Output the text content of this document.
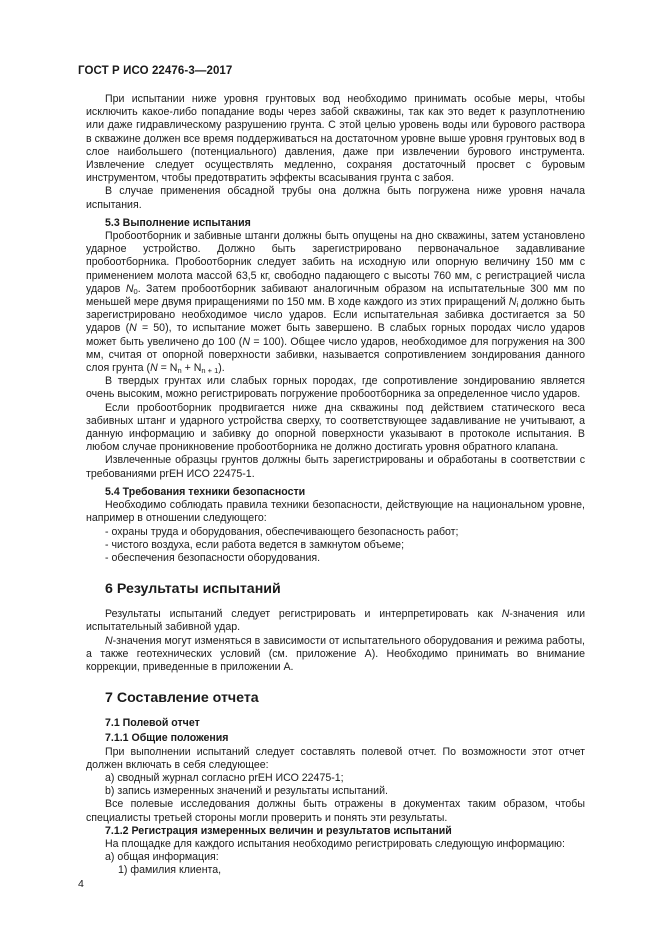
ГОСТ Р ИСО 22476-3—2017

При испытании ниже уровня грунтовых вод необходимо принимать особые меры, чтобы исключить какое-либо попадание воды через забой скважины, так как это ведет к разуплотнению или даже гидравлическому разрушению грунта. С этой целью уровень воды или бурового раствора в скважине должен все время поддерживаться на достаточном уровне выше уровня грунтовых вод в слое наибольшего (потенциального) давления, даже при извлечении бурового инструмента. Извлечение следует осуществлять медленно, сохраняя достаточный просвет с буровым инструментом, чтобы предотвратить эффекты всасывания грунта с забоя.

В случае применения обсадной трубы она должна быть погружена ниже уровня начала испытания.

5.3 Выполнение испытания

Пробоотборник и забивные штанги должны быть опущены на дно скважины, затем установлено ударное устройство. Должно быть зарегистрировано первоначальное задавливание пробоотборника. Пробоотборник следует забить на исходную или опорную величину 150 мм с применением молота массой 63,5 кг, свободно падающего с высоты 760 мм, с регистрацией числа ударов $N_0$. Затем пробоотборник забивают аналогичным образом на испытательные 300 мм по меньшей мере двумя приращениями по 150 мм. В ходе каждого из этих приращений $N_i$ должно быть зарегистрировано необходимое число ударов. Если испытательная забивка достигается за 50 ударов (N = 50), то испытание может быть завершено. В слабых горных породах число ударов может быть увеличено до 100 (N = 100). Общее число ударов, необходимое для погружения на 300 мм, считая от опорной поверхности забивки, называется сопротивлением зондирования данного слоя грунта $(N = N_n + N_{n + 1})$.

В твердых грунтах или слабых горных породах, где сопротивление зондированию является очень высоким, можно регистрировать погружение пробоотборника за определенное число ударов.

Если пробоотборник продвигается ниже дна скважины под действием статического веса забивных штанг и ударного устройства сверху, то соответствующее задавливание не учитывают, а данную информацию и забивку до опорной поверхности указывают в протоколе испытания. В любом случае проникновение пробоотборника не должно достигать уровня обратного клапана.

Извлеченные образцы грунтов должны быть зарегистрированы и обработаны в соответствии с требованиями prЕН ИСО 22475-1.

5.4 Требования техники безопасности

Необходимо соблюдать правила техники безопасности, действующие на национальном уровне, например в отношении следующего:

- охраны труда и оборудования, обеспечивающего безопасность работ;

- чистого воздуха, если работа ведется в замкнутом объеме;

- обеспечения безопасности оборудования.

6 Результаты испытаний

Результаты испытаний следует регистрировать и интерпретировать как N-значения или испытательный забивной удар.

N-значения могут изменяться в зависимости от испытательного оборудования и режима работы, а также геотехнических условий (см. приложение А). Необходимо принимать во внимание коррекции, приведенные в приложении А.

7 Составление отчета

7.1 Полевой отчет

7.1.1 Общие положения

При выполнении испытаний следует составлять полевой отчет. По возможности этот отчет должен включать в себя следующее:

а) сводный журнал согласно prЕН ИСО 22475-1;

b) запись измеренных значений и результаты испытаний.

Все полевые исследования должны быть отражены в документах таким образом, чтобы специалисты третьей стороны могли проверить и понять эти результаты.

7.1.2 Регистрация измеренных величин и результатов испытаний

На площадке для каждого испытания необходимо регистрировать следующую информацию:

а) общая информация:

1) фамилия клиента,

4
